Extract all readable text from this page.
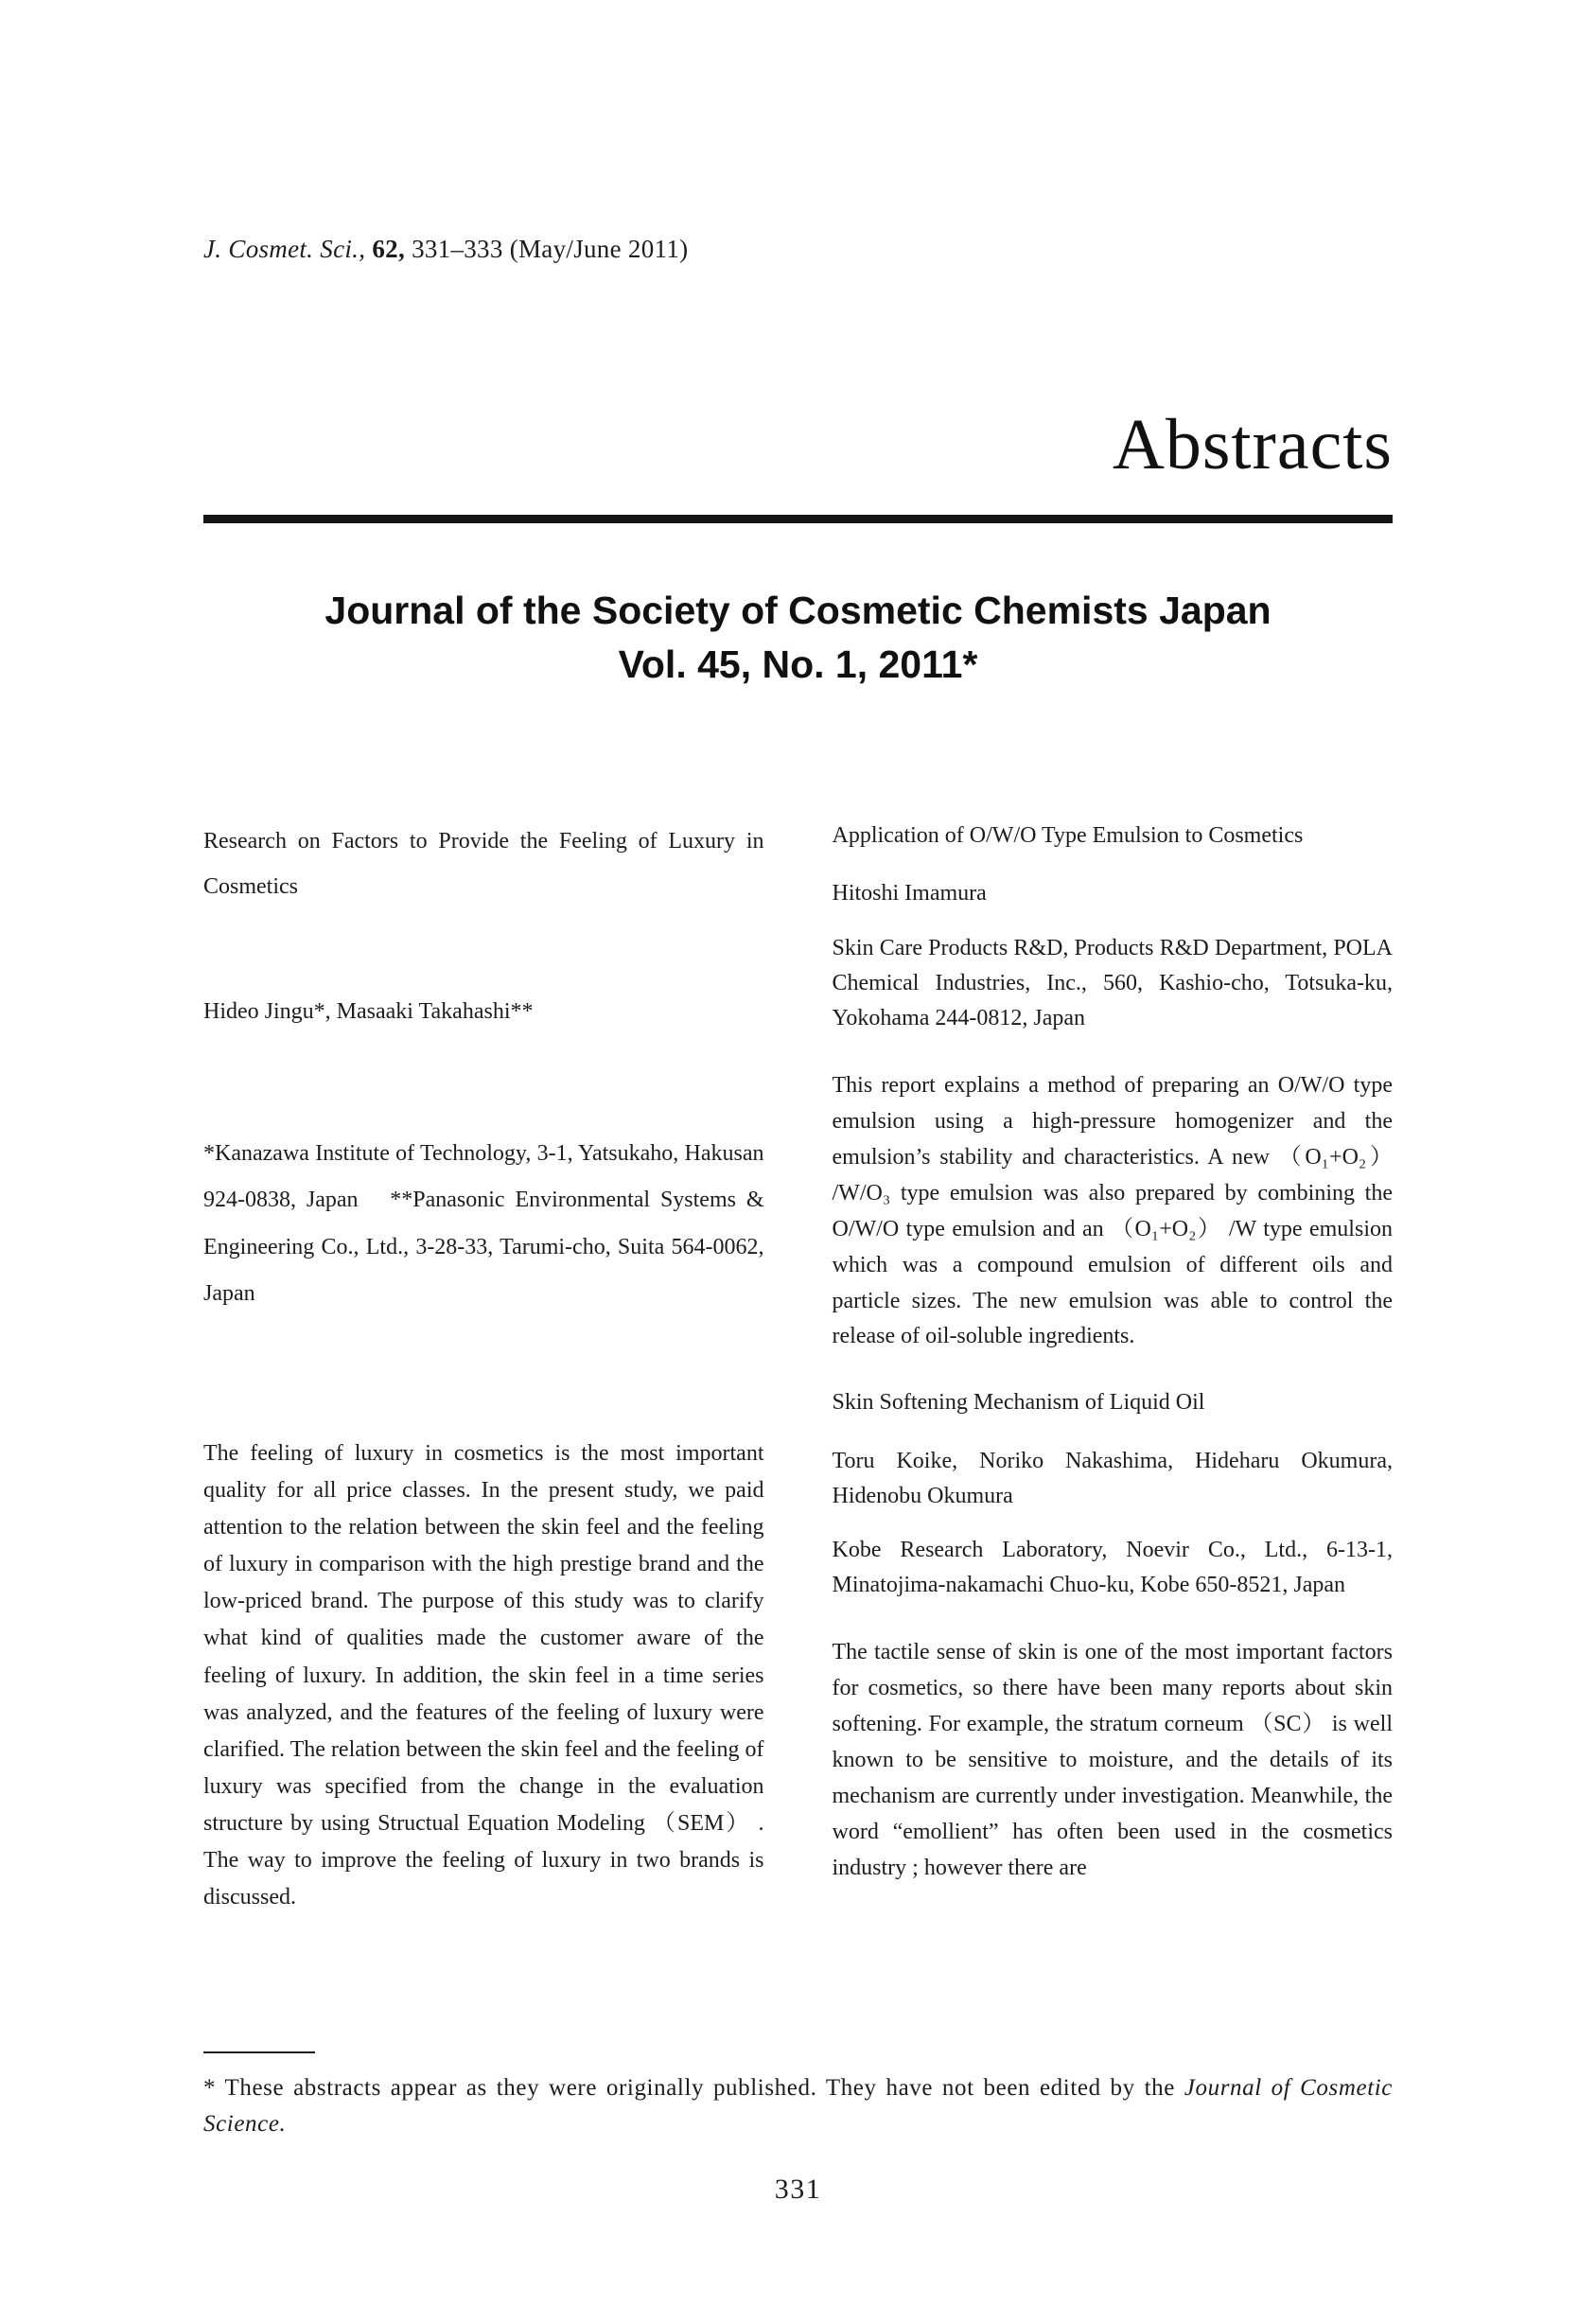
J. Cosmet. Sci., 62, 331–333 (May/June 2011)
Abstracts
Journal of the Society of Cosmetic Chemists Japan
Vol. 45, No. 1, 2011*
Research on Factors to Provide the Feeling of Luxury in Cosmetics

Hideo Jingu*, Masaaki Takahashi**

*Kanazawa Institute of Technology, 3-1, Yatsukaho, Hakusan 924-0838, Japan　**Panasonic Environmental Systems & Engineering Co., Ltd., 3-28-33, Tarumi-cho, Suita 564-0062, Japan

The feeling of luxury in cosmetics is the most important quality for all price classes. In the present study, we paid attention to the relation between the skin feel and the feeling of luxury in comparison with the high prestige brand and the low-priced brand. The purpose of this study was to clarify what kind of qualities made the customer aware of the feeling of luxury. In addition, the skin feel in a time series was analyzed, and the features of the feeling of luxury were clarified. The relation between the skin feel and the feeling of luxury was specified from the change in the evaluation structure by using Structual Equation Modeling （SEM） . The way to improve the feeling of luxury in two brands is discussed.

Application of O/W/O Type Emulsion to Cosmetics

Hitoshi Imamura

Skin Care Products R&D, Products R&D Department, POLA Chemical Industries, Inc., 560, Kashio-cho, Totsuka-ku, Yokohama 244-0812, Japan

This report explains a method of preparing an O/W/O type emulsion using a high-pressure homogenizer and the emulsion’s stability and characteristics. A new （O₁+O₂） /W/O₃ type emulsion was also prepared by combining the O/W/O type emulsion and an （O₁+O₂） /W type emulsion which was a compound emulsion of different oils and particle sizes. The new emulsion was able to control the release of oil-soluble ingredients.

Skin Softening Mechanism of Liquid Oil

Toru Koike, Noriko Nakashima, Hideharu Okumura, Hidenobu Okumura

Kobe Research Laboratory, Noevir Co., Ltd., 6-13-1, Minatojima-nakamachi Chuo-ku, Kobe 650-8521, Japan

The tactile sense of skin is one of the most important factors for cosmetics, so there have been many reports about skin softening. For example, the stratum corneum （SC） is well known to be sensitive to moisture, and the details of its mechanism are currently under investigation. Meanwhile, the word “emollient” has often been used in the cosmetics industry ; however there are

* These abstracts appear as they were originally published. They have not been edited by the Journal of Cosmetic Science.

331
